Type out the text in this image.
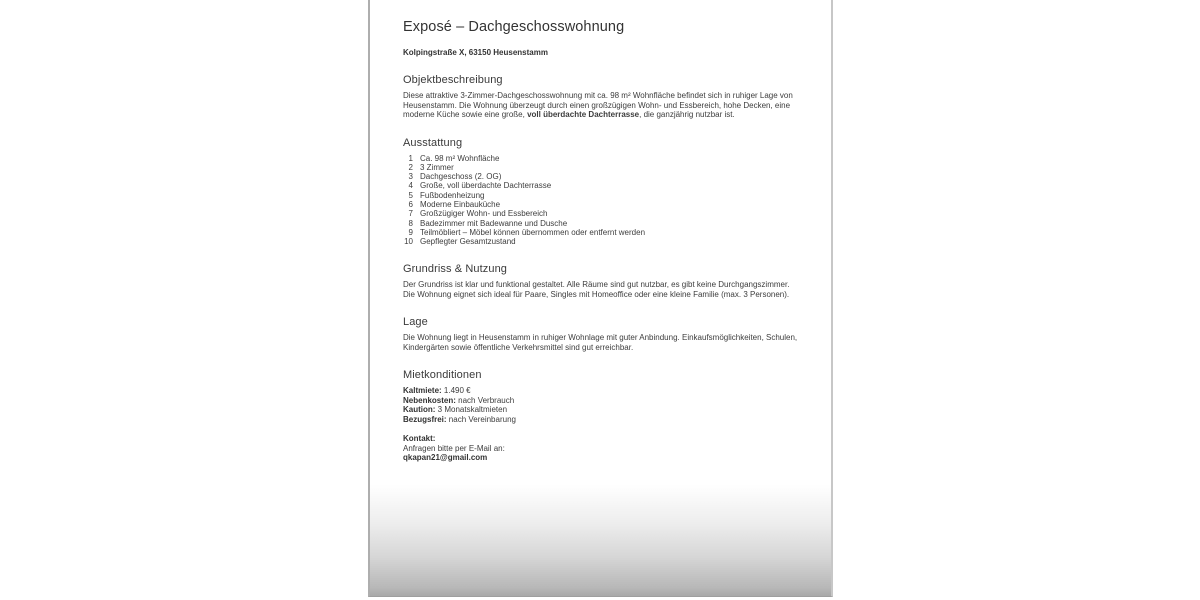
Exposé – Dachgeschosswohnung

Kolpingstraße X, 63150 Heusenstamm

Objektbeschreibung

Diese attraktive 3-Zimmer-Dachgeschosswohnung mit ca. 98 m² Wohnfläche befindet sich in ruhiger Lage von Heusenstamm. Die Wohnung überzeugt durch einen großzügigen Wohn- und Essbereich, hohe Decken, eine moderne Küche sowie eine große, voll überdachte Dachterrasse, die ganzjährig nutzbar ist.

Ausstattung
Ca. 98 m² Wohnfläche
3 Zimmer
Dachgeschoss (2. OG)
Große, voll überdachte Dachterrasse
Fußbodenheizung
Moderne Einbauküche
Großzügiger Wohn- und Essbereich
Badezimmer mit Badewanne und Dusche
Teilmöbliert – Möbel können übernommen oder entfernt werden
Gepflegter Gesamtzustand
Grundriss & Nutzung

Der Grundriss ist klar und funktional gestaltet. Alle Räume sind gut nutzbar, es gibt keine Durchgangszimmer. Die Wohnung eignet sich ideal für Paare, Singles mit Homeoffice oder eine kleine Familie (max. 3 Personen).

Lage

Die Wohnung liegt in Heusenstamm in ruhiger Wohnlage mit guter Anbindung. Einkaufsmöglichkeiten, Schulen, Kindergärten sowie öffentliche Verkehrsmittel sind gut erreichbar.

Mietkonditionen
Kaltmiete: 1.490 €
Nebenkosten: nach Verbrauch
Kaution: 3 Monatskaltmieten
Bezugsfrei: nach Vereinbarung
Kontakt:
Anfragen bitte per E-Mail an:
qkapan21@gmail.com
